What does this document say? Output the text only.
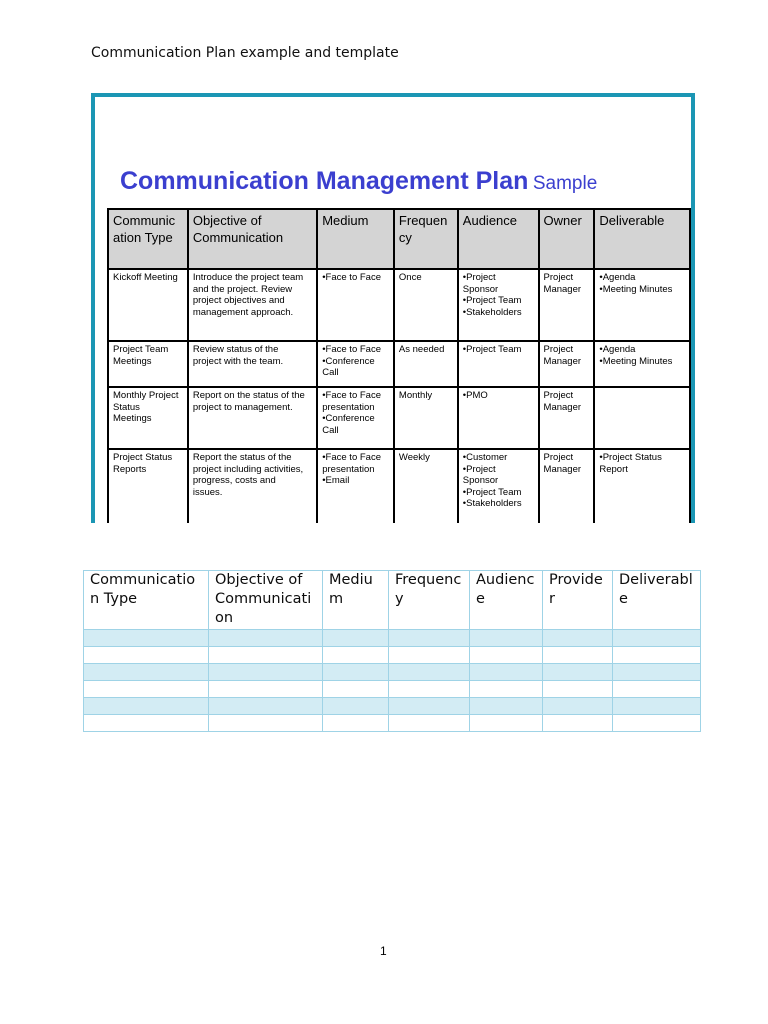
Communication Plan example and template
Communication Management Plan Sample
Communic
ation Type	Objective of
Communication	Medium	Frequen
cy	Audience	Owner	Deliverable

Kickoff Meeting	Introduce the project team
and the project. Review
project objectives and
management approach.	•Face to Face	Once	•Project
Sponsor
•Project Team
•Stakeholders	Project
Manager	•Agenda
•Meeting Minutes

Project Team
Meetings	Review status of the
project with the team.	•Face to Face
•Conference
Call	As needed	•Project Team	Project
Manager	•Agenda
•Meeting Minutes

Monthly Project
Status
Meetings	Report on the status of the
project to management.	•Face to Face
presentation
•Conference
Call	Monthly	•PMO	Project
Manager	

Project Status
Reports	Report the status of the
project including activities,
progress, costs and
issues.	•Face to Face
presentation
•Email	Weekly	•Customer
•Project
Sponsor
•Project Team
•Stakeholders	Project
Manager	•Project Status
Report
Communication Type	Objective of Communication	Medium	Frequency	Audience	Provider	Deliverable

1
